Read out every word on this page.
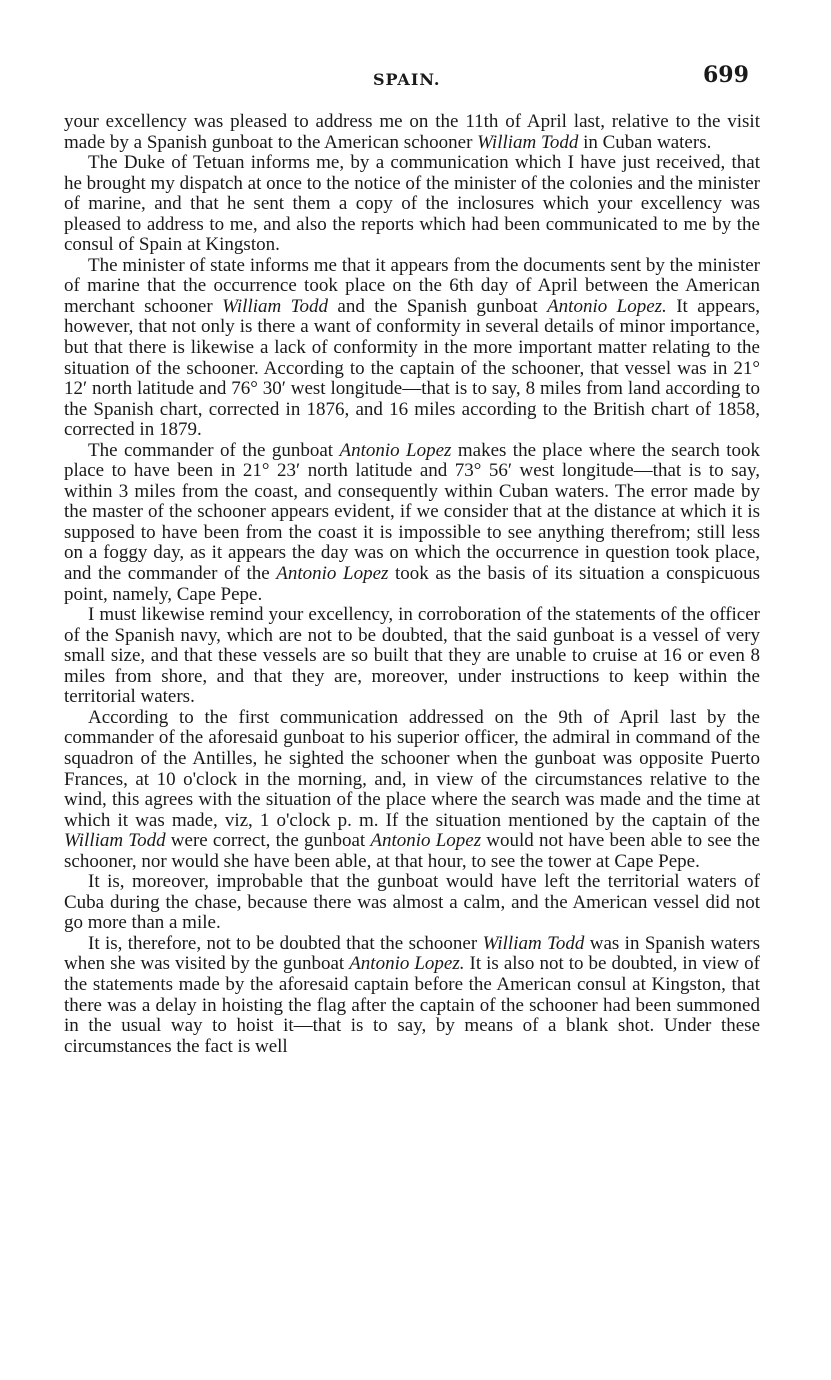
SPAIN.	699

your excellency was pleased to address me on the 11th of April last, relative to the visit made by a Spanish gunboat to the American schooner William Todd in Cuban waters.

The Duke of Tetuan informs me, by a communication which I have just received, that he brought my dispatch at once to the notice of the minister of the colonies and the minister of marine, and that he sent them a copy of the inclosures which your excellency was pleased to address to me, and also the reports which had been communicated to me by the consul of Spain at Kingston.

The minister of state informs me that it appears from the documents sent by the minister of marine that the occurrence took place on the 6th day of April between the American merchant schooner William Todd and the Spanish gunboat Antonio Lopez. It appears, however, that not only is there a want of conformity in several details of minor importance, but that there is likewise a lack of conformity in the more important matter relating to the situation of the schooner. According to the captain of the schooner, that vessel was in 21° 12′ north latitude and 76° 30′ west longitude—that is to say, 8 miles from land according to the Spanish chart, corrected in 1876, and 16 miles according to the British chart of 1858, corrected in 1879.

The commander of the gunboat Antonio Lopez makes the place where the search took place to have been in 21° 23′ north latitude and 73° 56′ west longitude—that is to say, within 3 miles from the coast, and consequently within Cuban waters. The error made by the master of the schooner appears evident, if we consider that at the distance at which it is supposed to have been from the coast it is impossible to see anything therefrom; still less on a foggy day, as it appears the day was on which the occurrence in question took place, and the commander of the Antonio Lopez took as the basis of its situation a conspicuous point, namely, Cape Pepe.

I must likewise remind your excellency, in corroboration of the statements of the officer of the Spanish navy, which are not to be doubted, that the said gunboat is a vessel of very small size, and that these vessels are so built that they are unable to cruise at 16 or even 8 miles from shore, and that they are, moreover, under instructions to keep within the territorial waters.

According to the first communication addressed on the 9th of April last by the commander of the aforesaid gunboat to his superior officer, the admiral in command of the squadron of the Antilles, he sighted the schooner when the gunboat was opposite Puerto Frances, at 10 o'clock in the morning, and, in view of the circumstances relative to the wind, this agrees with the situation of the place where the search was made and the time at which it was made, viz, 1 o'clock p. m. If the situation mentioned by the captain of the William Todd were correct, the gunboat Antonio Lopez would not have been able to see the schooner, nor would she have been able, at that hour, to see the tower at Cape Pepe.

It is, moreover, improbable that the gunboat would have left the territorial waters of Cuba during the chase, because there was almost a calm, and the American vessel did not go more than a mile.

It is, therefore, not to be doubted that the schooner William Todd was in Spanish waters when she was visited by the gunboat Antonio Lopez. It is also not to be doubted, in view of the statements made by the aforesaid captain before the American consul at Kingston, that there was a delay in hoisting the flag after the captain of the schooner had been summoned in the usual way to hoist it—that is to say, by means of a blank shot. Under these circumstances the fact is well
